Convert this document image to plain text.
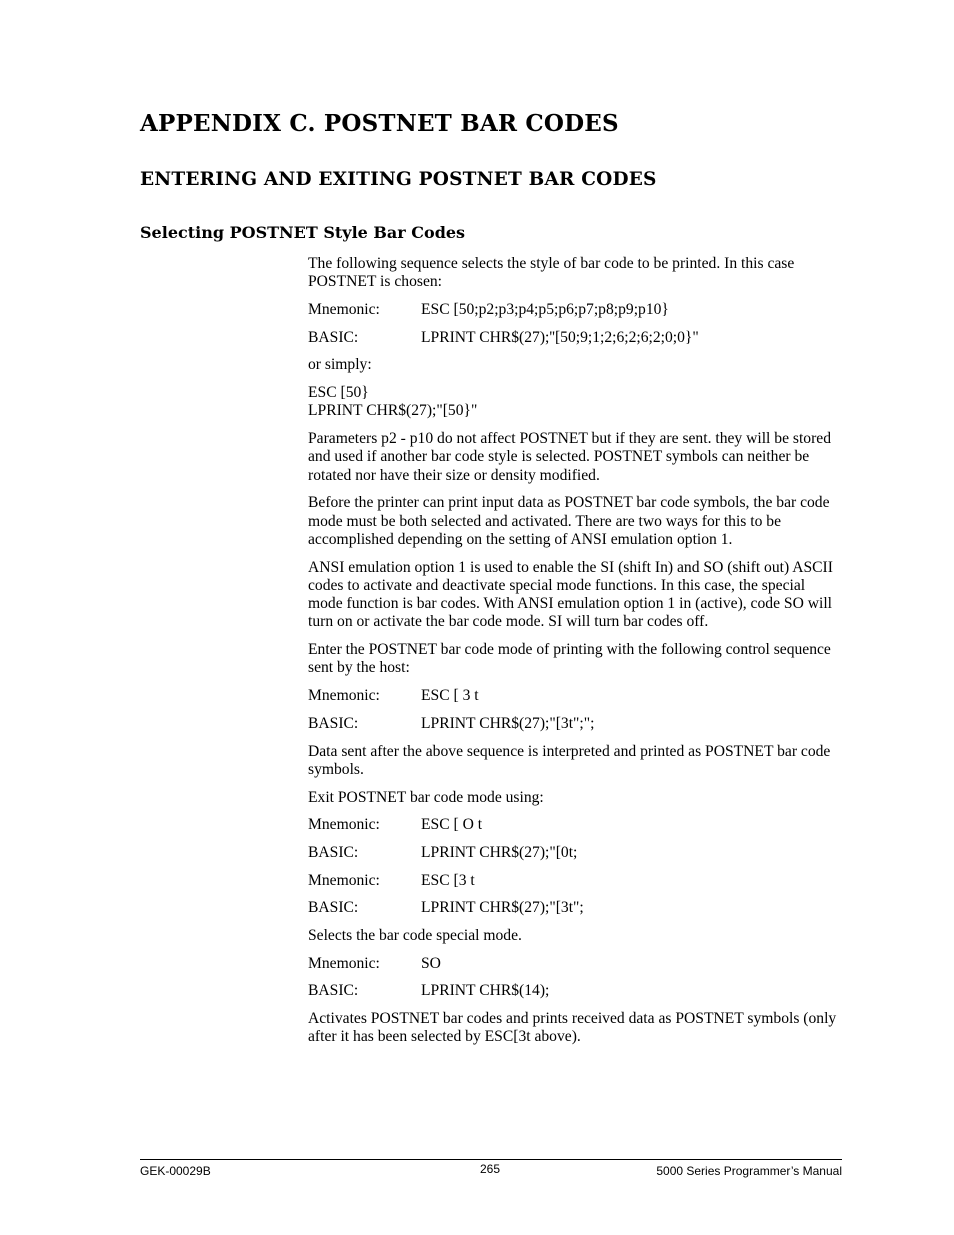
APPENDIX C. POSTNET BAR CODES
ENTERING AND EXITING POSTNET BAR CODES
Selecting POSTNET Style Bar Codes

The following sequence selects the style of bar code to be printed. In this case POSTNET is chosen:

Mnemonic:	ESC [50;p2;p3;p4;p5;p6;p7;p8;p9;p10}
BASIC:	LPRINT CHR$(27);''[50;9;1;2;6;2;6;2;0;0}"

or simply:

ESC [50}
LPRINT CHR$(27);"[50}"

Parameters p2 - p10 do not affect POSTNET but if they are sent. they will be stored and used if another bar code style is selected. POSTNET symbols can neither be rotated nor have their size or density modified.

Before the printer can print input data as POSTNET bar code symbols, the bar code mode must be both selected and activated. There are two ways for this to be accomplished depending on the setting of ANSI emulation option 1.

ANSI emulation option 1 is used to enable the SI (shift In) and SO (shift out) ASCII codes to activate and deactivate special mode functions. In this case, the special mode function is bar codes. With ANSI emulation option 1 in (active), code SO will turn on or activate the bar code mode. SI will turn bar codes off.

Enter the POSTNET bar code mode of printing with the following control sequence sent by the host:

Mnemonic:	ESC [ 3 t
BASIC:	LPRINT CHR$(27);"[3t";";

Data sent after the above sequence is interpreted and printed as POSTNET bar code symbols.

Exit POSTNET bar code mode using:

Mnemonic:	ESC [ O t
BASIC:	LPRINT CHR$(27);"[0t;
Mnemonic:	ESC [3 t
BASIC:	LPRINT CHR$(27);"[3t";

Selects the bar code special mode.

Mnemonic:	SO
BASIC:	LPRINT CHR$(14);

Activates POSTNET bar codes and prints received data as POSTNET symbols (only after it has been selected by ESC[3t above).

GEK-00029B	265	5000 Series Programmer’s Manual
